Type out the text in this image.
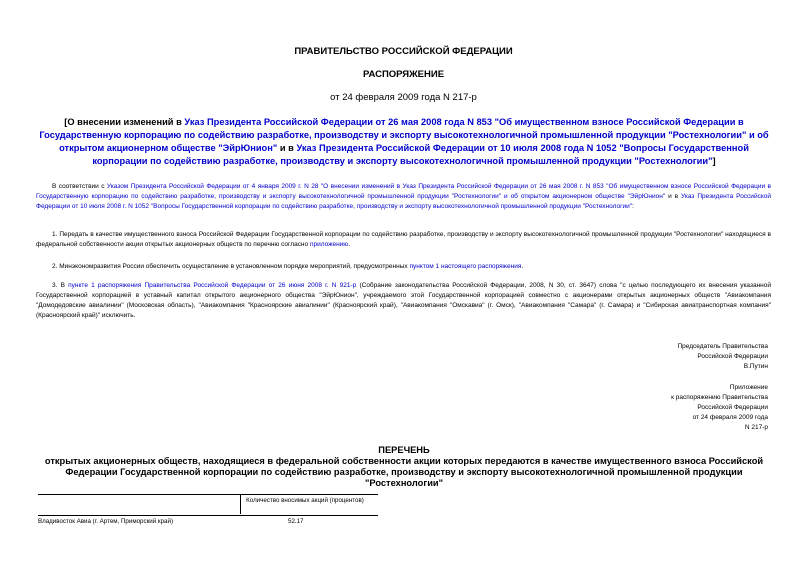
ПРАВИТЕЛЬСТВО РОССИЙСКОЙ ФЕДЕРАЦИИ
РАСПОРЯЖЕНИЕ
от 24 февраля 2009 года N 217-р
[О внесении изменений в Указ Президента Российской Федерации от 26 мая 2008 года N 853 "Об имущественном взносе Российской Федерации в Государственную корпорацию по содействию разработке, производству и экспорту высокотехнологичной промышленной продукции "Ростехнологии" и об открытом акционерном обществе "ЭйрЮнион" и в Указ Президента Российской Федерации от 10 июля 2008 года N 1052 "Вопросы Государственной корпорации по содействию разработке, производству и экспорту высокотехнологичной промышленной продукции "Ростехнологии"]
В соответствии с Указом Президента Российской Федерации от 4 января 2009 г. N 28 "О внесении изменений в Указ Президента Российской Федерации от 26 мая 2008 г. N 853 "Об имущественном взносе Российской Федерации в Государственную корпорацию по содействию разработке, производству и экспорту высокотехнологичной промышленной продукции "Ростехнологии" и об открытом акционерном обществе "ЭйрЮнион" и в Указ Президента Российской Федерации от 10 июля 2008 г. N 1052 "Вопросы Государственной корпорации по содействию разработке, производству и экспорту высокотехнологичной промышленной продукции "Ростехнологии":
1. Передать в качестве имущественного взноса Российской Федерации Государственной корпорации по содействию разработке, производству и экспорту высокотехнологичной промышленной продукции "Ростехнологии" находящиеся в федеральной собственности акции открытых акционерных обществ по перечню согласно приложению.
2. Минэкономразвития России обеспечить осуществление в установленном порядке мероприятий, предусмотренных пунктом 1 настоящего распоряжения.
3. В пункте 1 распоряжения Правительства Российской Федерации от 26 июня 2008 г. N 921-р (Собрание законодательства Российской Федерации, 2008, N 30, ст. 3647) слова "с целью последующего их внесения указанной Государственной корпорацией в уставный капитал открытого акционерного общества "ЭйрЮнион", учреждаемого этой Государственной корпорацией совместно с акционерами открытых акционерных обществ "Авиакомпания "Домодедовские авиалинии" (Московская область), "Авиакомпания "Красноярские авиалинии" (Красноярский край), "Авиакомпания "Омскавиа" (г. Омск), "Авиакомпания "Самара" (г. Самара) и "Сибирская авиатранспортная компания" (Красноярский край)" исключить.
Председатель Правительства
Российской Федерации
В.Путин
Приложение
к распоряжению Правительства
Российской Федерации
от 24 февраля 2009 года
N 217-р
ПЕРЕЧЕНЬ
открытых акционерных обществ, находящиеся в федеральной собственности акции которых передаются в качестве имущественного взноса Российской Федерации Государственной корпорации по содействию разработке, производству и экспорту высокотехнологичной промышленной продукции "Ростехнологии"
Количество вносимых акций (процентов)
Владивосток Авиа (г. Артем, Приморский край)	52.17
